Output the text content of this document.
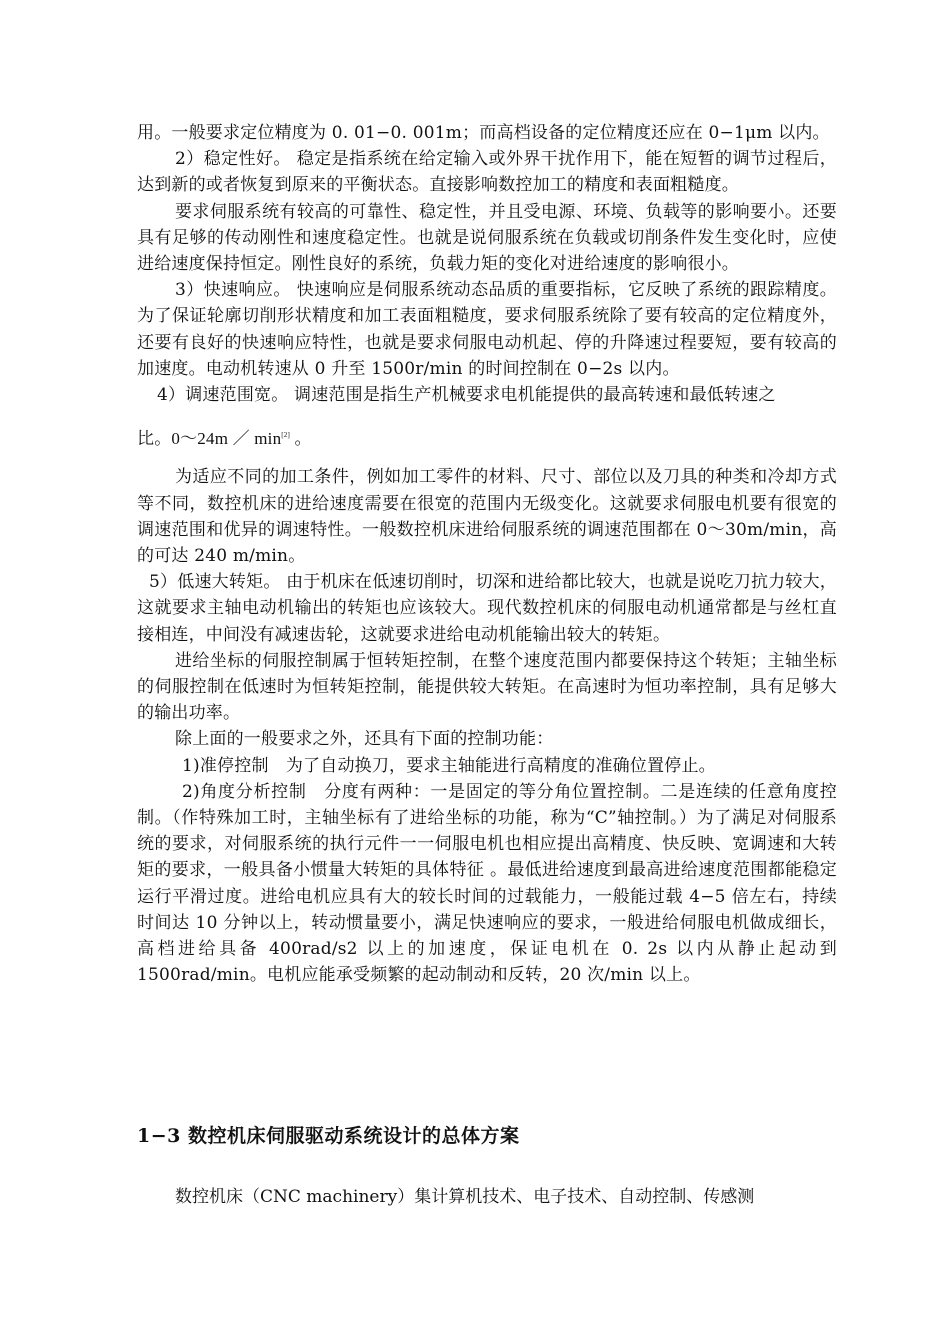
用。一般要求定位精度为 0. 01−0. 001m；而高档设备的定位精度还应在 0−1μm 以内。

2）稳定性好。 稳定是指系统在给定输入或外界干扰作用下，能在短暂的调节过程后，达到新的或者恢复到原来的平衡状态。直接影响数控加工的精度和表面粗糙度。

要求伺服系统有较高的可靠性、稳定性，并且受电源、环境、负载等的影响要小。还要具有足够的传动刚性和速度稳定性。也就是说伺服系统在负载或切削条件发生变化时，应使进给速度保持恒定。刚性良好的系统，负载力矩的变化对进给速度的影响很小。

3）快速响应。 快速响应是伺服系统动态品质的重要指标，它反映了系统的跟踪精度。为了保证轮廓切削形状精度和加工表面粗糙度，要求伺服系统除了要有较高的定位精度外，还要有良好的快速响应特性，也就是要求伺服电动机起、停的升降速过程要短，要有较高的加速度。电动机转速从 0 升至 1500r/min 的时间控制在 0−2s 以内。

4）调速范围宽。 调速范围是指生产机械要求电机能提供的最高转速和最低转速之

比。0～24m ／ min[2] 。

为适应不同的加工条件，例如加工零件的材料、尺寸、部位以及刀具的种类和冷却方式等不同，数控机床的进给速度需要在很宽的范围内无级变化。这就要求伺服电机要有很宽的调速范围和优异的调速特性。一般数控机床进给伺服系统的调速范围都在 0～30m/min，高的可达 240 m/min。

5）低速大转矩。 由于机床在低速切削时，切深和进给都比较大，也就是说吃刀抗力较大，这就要求主轴电动机输出的转矩也应该较大。现代数控机床的伺服电动机通常都是与丝杠直接相连，中间没有减速齿轮，这就要求进给电动机能输出较大的转矩。

进给坐标的伺服控制属于恒转矩控制，在整个速度范围内都要保持这个转矩；主轴坐标的伺服控制在低速时为恒转矩控制，能提供较大转矩。在高速时为恒功率控制，具有足够大的输出功率。

除上面的一般要求之外，还具有下面的控制功能：

1)准停控制　为了自动换刀，要求主轴能进行高精度的准确位置停止。

2)角度分析控制　分度有两种：一是固定的等分角位置控制。二是连续的任意角度控制。（作特殊加工时，主轴坐标有了进给坐标的功能，称为“C”轴控制。）为了满足对伺服系统的要求，对伺服系统的执行元件一一伺服电机也相应提出高精度、快反映、宽调速和大转矩的要求，一般具备小惯量大转矩的具体特征 。最低进给速度到最高进给速度范围都能稳定运行平滑过度。进给电机应具有大的较长时间的过载能力，一般能过载 4−5 倍左右，持续时间达 10 分钟以上，转动惯量要小，满足快速响应的要求，一般进给伺服电机做成细长，高档进给具备 400rad/s2 以上的加速度，保证电机在 0. 2s 以内从静止起动到 1500rad/min。电机应能承受频繁的起动制动和反转，20 次/min 以上。

1−3 数控机床伺服驱动系统设计的总体方案
数控机床（CNC machinery）集计算机技术、电子技术、自动控制、传感测
